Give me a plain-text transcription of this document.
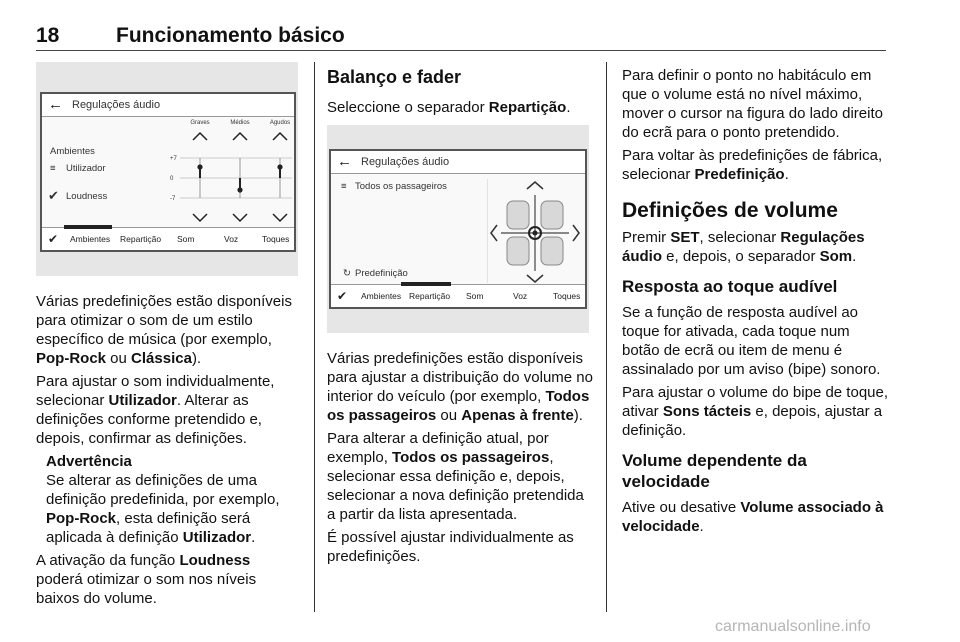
18	Funcionamento básico
← Regulações áudio
Ambientes
≡ Utilizador
✔ Loudness
+7
0
-7
Graves	Médios	Agudos
✔ Ambientes Repartição Som	Voz	Toques
← Regulações áudio
≡ Todos os passageiros
↻ Predefinição
✔ Ambientes Repartição Som	Voz	Toques

Várias predefinições estão disponíveis para otimizar o som de um estilo específico de música (por exemplo, Pop-Rock ou Clássica).

Para ajustar o som individualmente, selecionar Utilizador. Alterar as definições conforme pretendido e, depois, confirmar as definições.

Advertência
Se alterar as definições de uma definição predefinida, por exemplo, Pop-Rock, esta definição será aplicada à definição Utilizador.

A ativação da função Loudness poderá otimizar o som nos níveis baixos do volume.

Balanço e fader

Seleccione o separador Repartição.

Várias predefinições estão disponíveis para ajustar a distribuição do volume no interior do veículo (por exemplo, Todos os passageiros ou Apenas à frente).

Para alterar a definição atual, por exemplo, Todos os passageiros, selecionar essa definição e, depois, selecionar a nova definição pretendida a partir da lista apresentada.

É possível ajustar individualmente as predefinições.

Para definir o ponto no habitáculo em que o volume está no nível máximo, mover o cursor na figura do lado direito do ecrã para o ponto pretendido.

Para voltar às predefinições de fábrica, selecionar Predefinição.

Definições de volume

Premir SET, selecionar Regulações áudio e, depois, o separador Som.

Resposta ao toque audível

Se a função de resposta audível ao toque for ativada, cada toque num botão de ecrã ou item de menu é assinalado por um aviso (bipe) sonoro.

Para ajustar o volume do bipe de toque, ativar Sons tácteis e, depois, ajustar a definição.

Volume dependente da velocidade

Ative ou desative Volume associado à velocidade.

carmanualsonline.info
